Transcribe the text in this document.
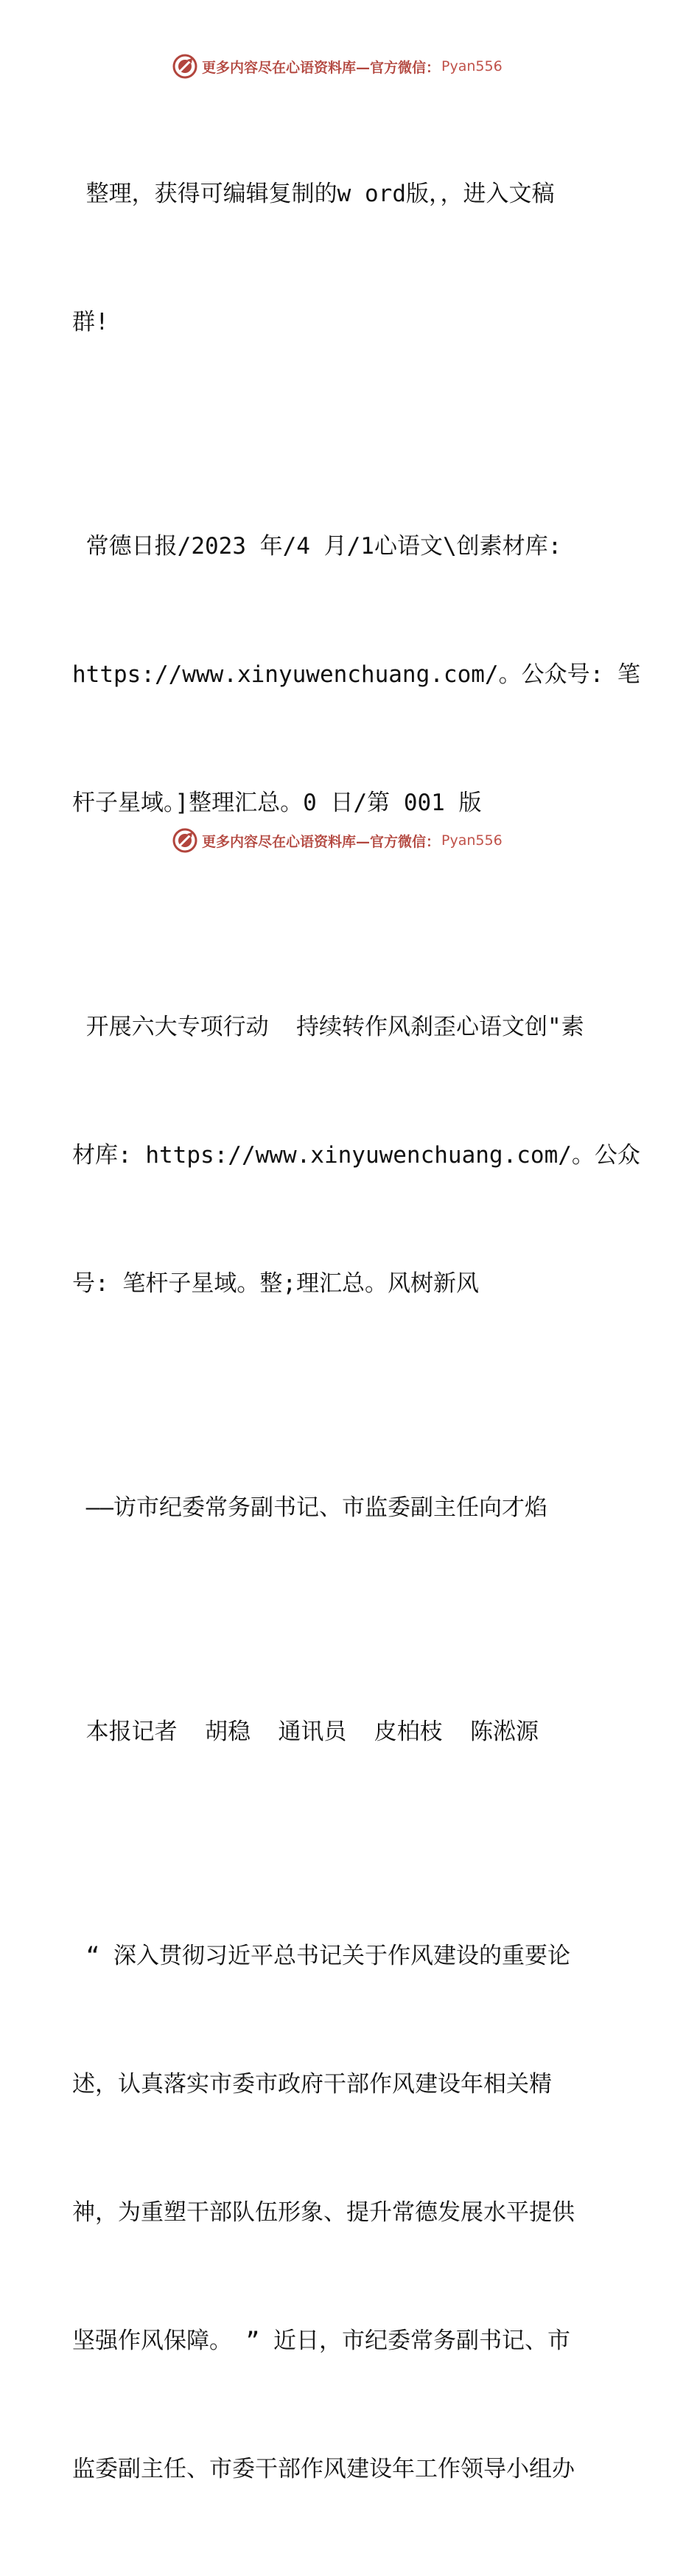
更多内容尽在心语资料库—官方微信： Pyan556

整理，获得可编辑复制的w ord版，，进入文稿

群!

常德日报/2023 年/4 月/1心语文\创素材库:

https://www.xinyuwenchuang.com/。公众号: 笔

杆子星域。]整理汇总。0 日/第 001 版

开展六大专项行动  持续转作风刹歪心语文创"素

材库: https://www.xinyuwenchuang.com/。公众

号: 笔杆子星域。整;理汇总。风树新风

——访市纪委常务副书记、市监委副主任向才焰

本报记者  胡稳  通讯员  皮柏枝  陈淞源

“ 深入贯彻习近平总书记关于作风建设的重要论

述，认真落实市委市政府干部作风建设年相关精

神，为重塑干部队伍形象、提升常德发展水平提供

坚强作风保障。 ” 近日，市纪委常务副书记、市

监委副主任、市委干部作风建设年工作领导小组办

更多内容尽在心语资料库—官方微信： Pyan556
